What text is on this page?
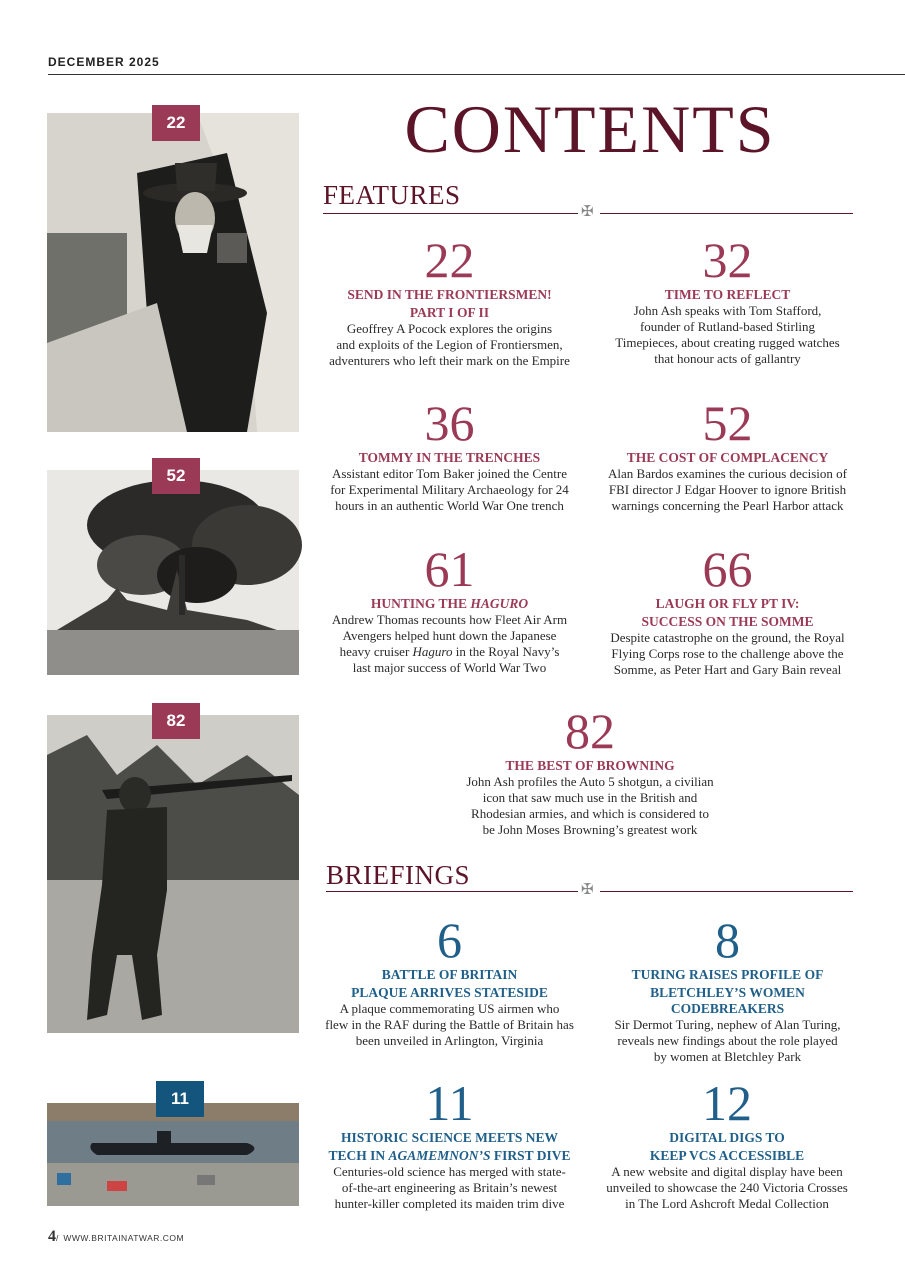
DECEMBER 2025
22
52
82
11
CONTENTS
FEATURES
✠
22
SEND IN THE FRONTIERSMEN!
PART I OF II
Geoffrey A Pocock explores the origins
and exploits of the Legion of Frontiersmen,
adventurers who left their mark on the Empire
32
TIME TO REFLECT
John Ash speaks with Tom Stafford,
founder of Rutland-based Stirling
Timepieces, about creating rugged watches
that honour acts of gallantry
36
TOMMY IN THE TRENCHES
Assistant editor Tom Baker joined the Centre
for Experimental Military Archaeology for 24
hours in an authentic World War One trench
52
THE COST OF COMPLACENCY
Alan Bardos examines the curious decision of
FBI director J Edgar Hoover to ignore British
warnings concerning the Pearl Harbor attack
61
HUNTING THE HAGURO
Andrew Thomas recounts how Fleet Air Arm
Avengers helped hunt down the Japanese
heavy cruiser Haguro in the Royal Navy’s
last major success of World War Two
66
LAUGH OR FLY PT IV:
SUCCESS ON THE SOMME
Despite catastrophe on the ground, the Royal
Flying Corps rose to the challenge above the
Somme, as Peter Hart and Gary Bain reveal
82
THE BEST OF BROWNING
John Ash profiles the Auto 5 shotgun, a civilian
icon that saw much use in the British and
Rhodesian armies, and which is considered to
be John Moses Browning’s greatest work
BRIEFINGS	✠
6
BATTLE OF BRITAIN
PLAQUE ARRIVES STATESIDE
A plaque commemorating US airmen who
flew in the RAF during the Battle of Britain has
been unveiled in Arlington, Virginia
8
TURING RAISES PROFILE OF
BLETCHLEY’S WOMEN CODEBREAKERS
Sir Dermot Turing, nephew of Alan Turing,
reveals new findings about the role played
by women at Bletchley Park
11
HISTORIC SCIENCE MEETS NEW
TECH IN AGAMEMNON’S FIRST DIVE
Centuries-old science has merged with state-
of-the-art engineering as Britain’s newest
hunter-killer completed its maiden trim dive
12
DIGITAL DIGS TO
KEEP VCS ACCESSIBLE
A new website and digital display have been
unveiled to showcase the 240 Victoria Crosses
in The Lord Ashcroft Medal Collection
4/ WWW.BRITAINATWAR.COM
